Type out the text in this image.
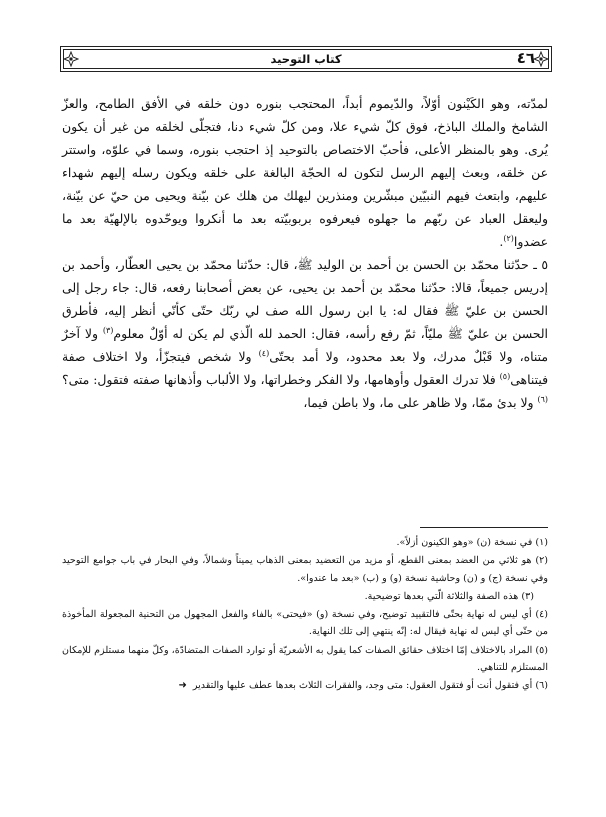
٤٦
كتاب التوحيد

لمدّته، وهو الكَيْنون أوّلاً، والدّيموم أبداً، المحتجب بنوره دون خلقه في الأفق الطامح، والعزّ الشامخ والملك الباذخ، فوق كلّ شيء علا، ومن كلّ شيء دنا، فتجلّى لخلقه من غير أن يكون يُرى. وهو بالمنظر الأعلى، فأحبّ الاختصاص بالتوحيد إذ احتجب بنوره، وسما في علوّه، واستتر عن خلقه، وبعث إليهم الرسل لتكون له الحجّة البالغة على خلقه ويكون رسله إليهم شهداء عليهم، وابتعث فيهم النبيّين مبشّرين ومنذرين ليهلك من هلك عن بيّنة ويحيى من حيّ عن بيّنة، وليعقل العباد عن ربّهم ما جهلوه فيعرفوه بربوبيّته بعد ما أنكروا ويوحّدوه بالإلهيّة بعد ما عضدوا$^{(٢)}$.

٥ ـ حدّثنا محمّد بن الحسن بن أحمد بن الوليد ﷺ، قال: حدّثنا محمّد بن يحيى العطّار، وأحمد بن إدريس جميعاً، قالا: حدّثنا محمّد بن أحمد بن يحيى، عن بعض أصحابنا رفعه، قال: جاء رجل إلى الحسن بن عليّ ﷺ فقال له: يا ابن رسول الله صف لي ربّك حتّى كأنّي أنظر إليه، فأطرق الحسن بن عليّ ﷺ مليّاً، ثمّ رفع رأسه، فقال: الحمد لله الّذي لم يكن له أوّلٌ معلوم$^{(٣)}$ ولا آخرٌ متناه، ولا قَبْلٌ مدرك، ولا بعد محدود، ولا أمد بحتّى$^{(٤)}$ ولا شخص فيتجزّأ، ولا اختلاف صفة فيتناهى$^{(٥)}$ فلا تدرك العقول وأوهامها، ولا الفكر وخطراتها، ولا الألباب وأذهانها صفته فتقول: متى؟$^{(٦)}$ ولا بدئ ممّا، ولا ظاهر على ما، ولا باطن فيما،

(١) في نسخة (ن) «وهو الكينون أزلاً».

(٢) هو ثلاثي من العضد بمعنى القطع، أو مزيد من التعضيد بمعنى الذهاب يميناً وشمالاً، وفي البحار في باب جوامع التوحيد وفي نسخة (ج) و (ن) وحاشية نسخة (و) و (ب) «بعد ما عندوا».

(٣) هذه الصفة والثلاثة الّتي بعدها توضيحية.

(٤) أي ليس له نهاية بحتّى فالتقييد توضيح، وفي نسخة (و) «فيحتى» بالفاء والفعل المجهول من التحنية المجعولة المأخوذة من حتّى أي ليس له نهاية فيقال له: إنّه ينتهي إلى تلك النهاية.

(٥) المراد بالاختلاف إمّا اختلاف حقائق الصفات كما يقول به الأشعريّة أو توارد الصفات المتضادّة، وكلّ منهما مستلزم للإمكان المستلزم للتناهي.

(٦) أي فتقول أنت أو فتقول العقول: متى وجد، والفقرات الثلاث بعدها عطف عليها والتقدير➜
